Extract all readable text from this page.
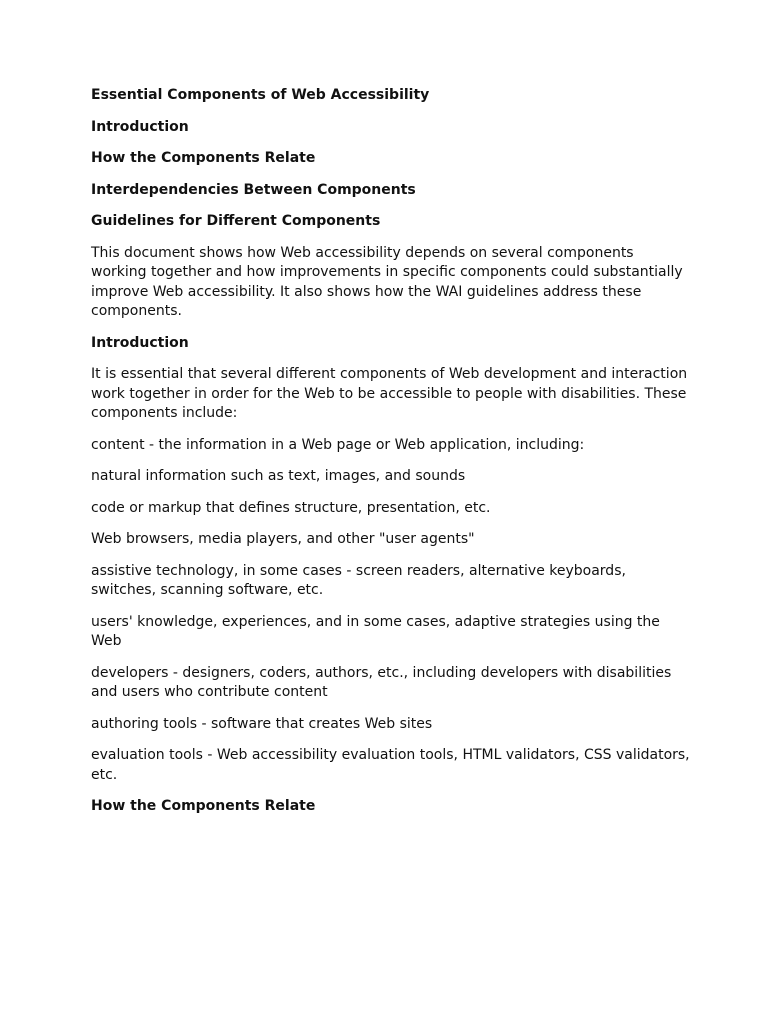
Essential Components of Web Accessibility

Introduction

How the Components Relate

Interdependencies Between Components

Guidelines for Different Components

This document shows how Web accessibility depends on several components working together and how improvements in specific components could substantially improve Web accessibility. It also shows how the WAI guidelines address these components.

Introduction

It is essential that several different components of Web development and interaction work together in order for the Web to be accessible to people with disabilities. These components include:

content - the information in a Web page or Web application, including:

natural information such as text, images, and sounds

code or markup that defines structure, presentation, etc.

Web browsers, media players, and other "user agents"

assistive technology, in some cases - screen readers, alternative keyboards, switches, scanning software, etc.

users' knowledge, experiences, and in some cases, adaptive strategies using the Web

developers - designers, coders, authors, etc., including developers with disabilities and users who contribute content

authoring tools - software that creates Web sites

evaluation tools - Web accessibility evaluation tools, HTML validators, CSS validators, etc.

How the Components Relate
